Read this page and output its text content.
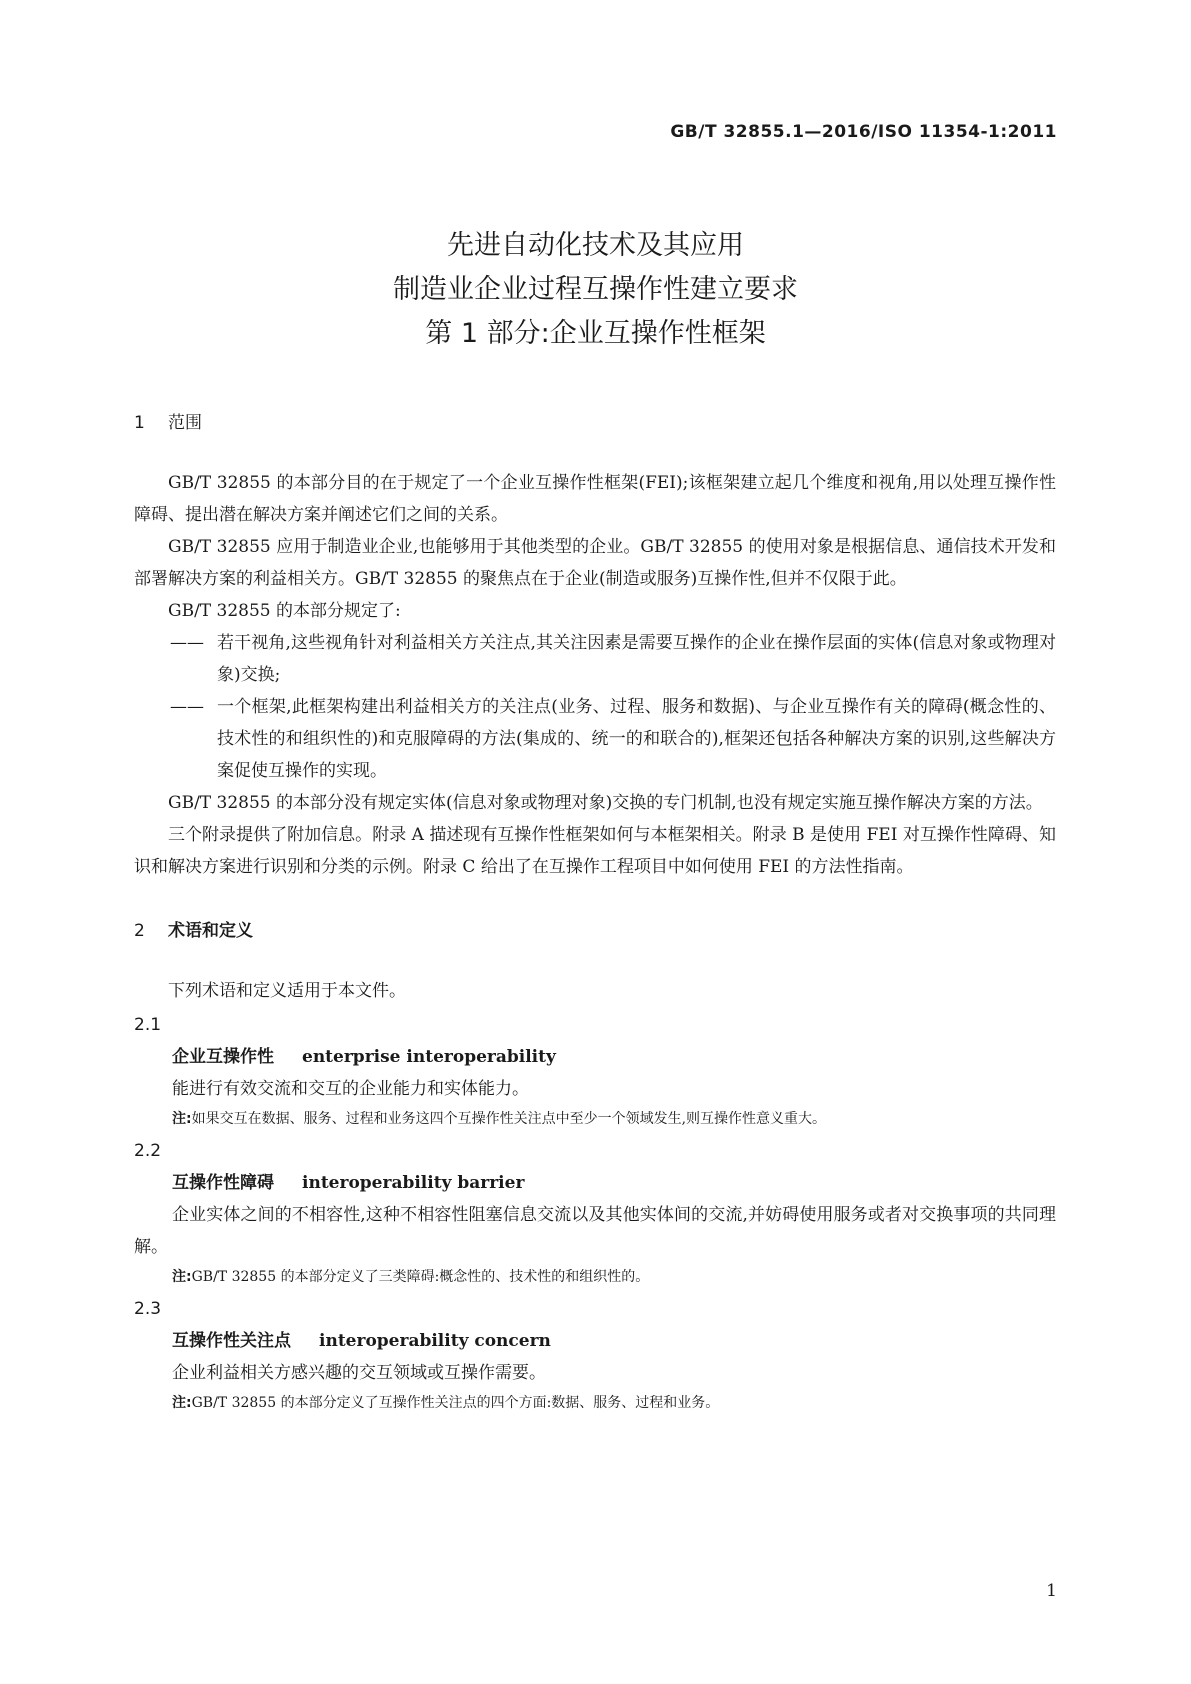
GB/T 32855.1—2016/ISO 11354-1:2011
先进自动化技术及其应用
制造业企业过程互操作性建立要求
第 1 部分:企业互操作性框架
1 范围

GB/T 32855 的本部分目的在于规定了一个企业互操作性框架(FEI);该框架建立起几个维度和视角,用以处理互操作性障碍、提出潜在解决方案并阐述它们之间的关系。

GB/T 32855 应用于制造业企业,也能够用于其他类型的企业。GB/T 32855 的使用对象是根据信息、通信技术开发和部署解决方案的利益相关方。GB/T 32855 的聚焦点在于企业(制造或服务)互操作性,但并不仅限于此。

GB/T 32855 的本部分规定了:

—— 若干视角,这些视角针对利益相关方关注点,其关注因素是需要互操作的企业在操作层面的实体(信息对象或物理对象)交换;
—— 一个框架,此框架构建出利益相关方的关注点(业务、过程、服务和数据)、与企业互操作有关的障碍(概念性的、技术性的和组织性的)和克服障碍的方法(集成的、统一的和联合的),框架还包括各种解决方案的识别,这些解决方案促使互操作的实现。

GB/T 32855 的本部分没有规定实体(信息对象或物理对象)交换的专门机制,也没有规定实施互操作解决方案的方法。

三个附录提供了附加信息。附录 A 描述现有互操作性框架如何与本框架相关。附录 B 是使用 FEI 对互操作性障碍、知识和解决方案进行识别和分类的示例。附录 C 给出了在互操作工程项目中如何使用 FEI 的方法性指南。

2 术语和定义

下列术语和定义适用于本文件。

2.1
企业互操作性 enterprise interoperability

能进行有效交流和交互的企业能力和实体能力。

注:如果交互在数据、服务、过程和业务这四个互操作性关注点中至少一个领域发生,则互操作性意义重大。
2.2
互操作性障碍 interoperability barrier

企业实体之间的不相容性,这种不相容性阻塞信息交流以及其他实体间的交流,并妨碍使用服务或者对交换事项的共同理解。

注:GB/T 32855 的本部分定义了三类障碍:概念性的、技术性的和组织性的。
2.3
互操作性关注点 interoperability concern

企业利益相关方感兴趣的交互领域或互操作需要。

注:GB/T 32855 的本部分定义了互操作性关注点的四个方面:数据、服务、过程和业务。
1
